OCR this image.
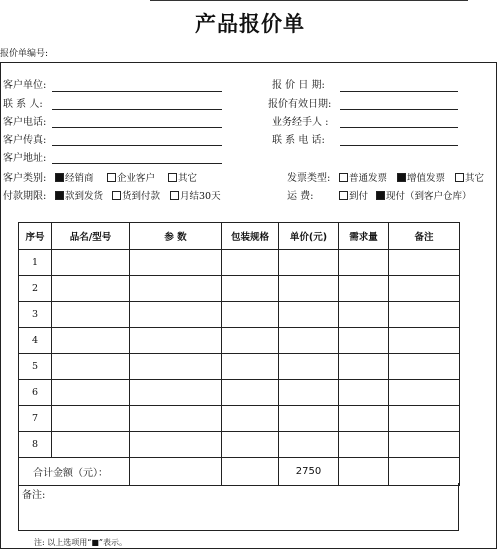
产品报价单
报价单编号:
客户单位:
联 系 人:
客户电话:
客户传真:
客户地址:
客户类别:	经销商	企业客户	其它
付款期限:	款到发货	货到付款	月结30天
报 价 日 期:
报价有效日期:
业务经手人 :
联 系 电 话:
发票类型:	普通发票	增值发票	其它
运 费:	到付	现付（到客户仓库）
序号	品名/型号	参 数	包装规格	单价(元)	需求量	备注
1						
2						
3						
4						
5						
6						
7						
8						
合计金额（元）：				2750		
备注:
注: 以上选项用“■”表示。
